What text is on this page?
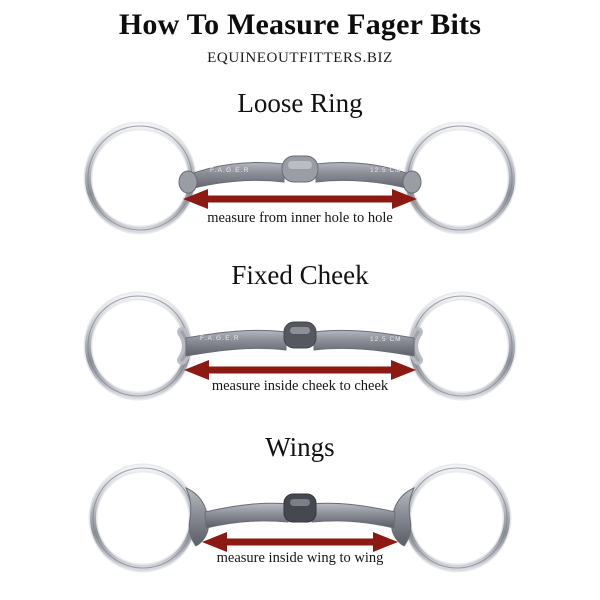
How To Measure Fager Bits
EQUINEOUTFITTERS.BIZ
Loose Ring
F.A.G.E.R	12.5 CM
measure from inner hole to hole
Fixed Cheek
F.A.G.E.R	12.5 CM
measure inside cheek to cheek
Wings
measure inside wing to wing
